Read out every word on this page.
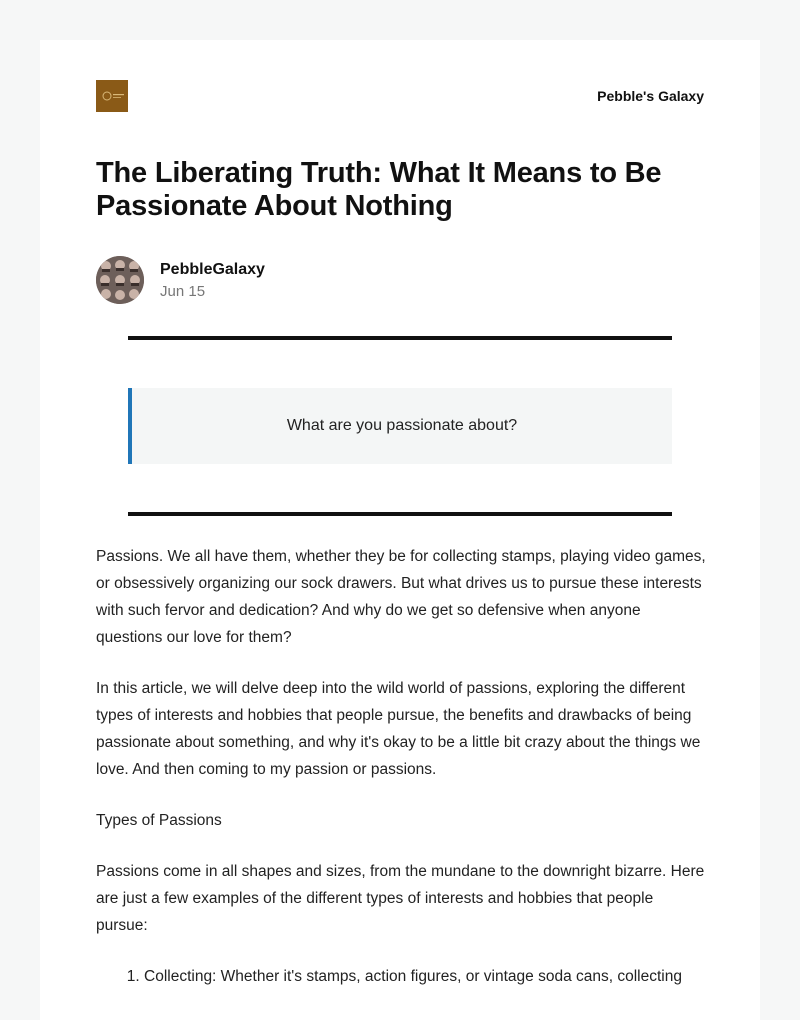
Pebble's Galaxy
The Liberating Truth: What It Means to Be Passionate About Nothing
PebbleGalaxy
Jun 15
What are you passionate about?

Passions. We all have them, whether they be for collecting stamps, playing video games, or obsessively organizing our sock drawers. But what drives us to pursue these interests with such fervor and dedication? And why do we get so defensive when anyone questions our love for them?

In this article, we will delve deep into the wild world of passions, exploring the different types of interests and hobbies that people pursue, the benefits and drawbacks of being passionate about something, and why it's okay to be a little bit crazy about the things we love. And then coming to my passion or passions.

Types of Passions

Passions come in all shapes and sizes, from the mundane to the downright bizarre. Here are just a few examples of the different types of interests and hobbies that people pursue:

1. Collecting: Whether it's stamps, action figures, or vintage soda cans, collecting
